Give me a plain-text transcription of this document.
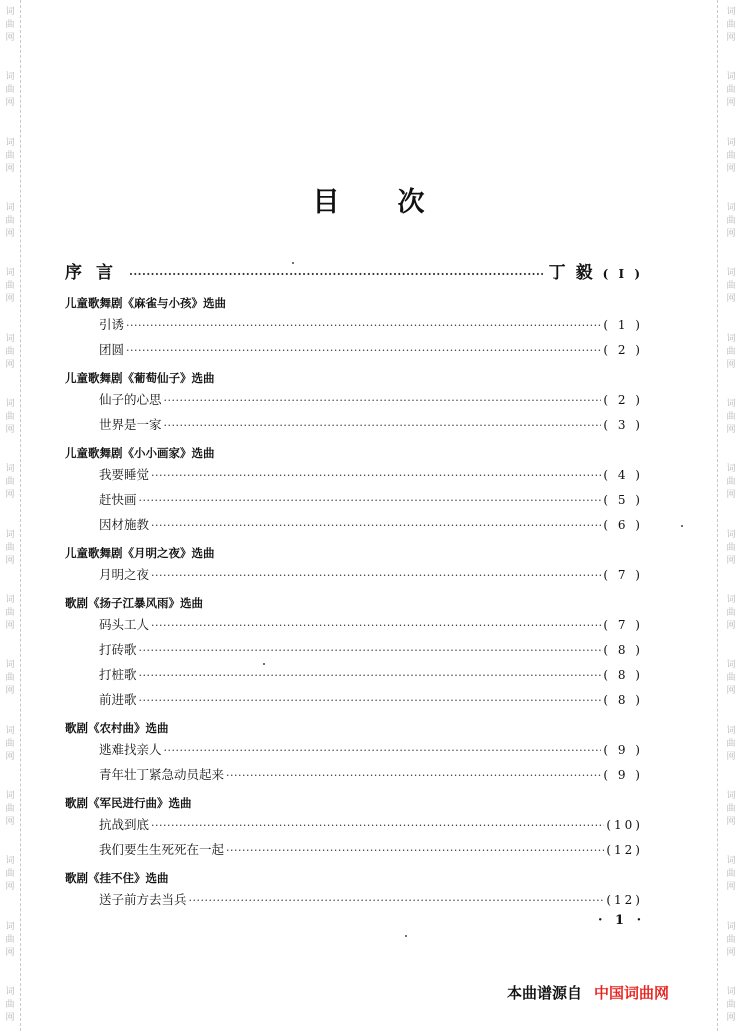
词
曲
网
词
曲
网
词
曲
网
词
曲
网
词
曲
网
词
曲
网
词
曲
网
词
曲
网
词
曲
网
词
曲
网
词
曲
网
词
曲
网
词
曲
网
词
曲
网
词
曲
网
词
曲
网
词
曲
网
词
曲
网
词
曲
网
词
曲
网
词
曲
网
词
曲
网
词
曲
网
词
曲
网
词
曲
网
词
曲
网
词
曲
网
词
曲
网
词
曲
网
词
曲
网
词
曲
网
词
曲
网
目 次
序言 ·····	丁毅 ( I )
儿童歌舞剧《麻雀与小孩》选曲
引诱 ·····	( 1 )
团圆 ·····	( 2 )
儿童歌舞剧《葡萄仙子》选曲
仙子的心思 ·····	( 2 )
世界是一家 ·····	( 3 )
儿童歌舞剧《小小画家》选曲
我要睡觉 ·····	( 4 )
赶快画 ·····	( 5 )
因材施教 ·····	( 6 )
儿童歌舞剧《月明之夜》选曲
月明之夜 ·····	( 7 )
歌剧《扬子江暴风雨》选曲
码头工人 ·····	( 7 )
打砖歌 ·····	( 8 )
打桩歌 ·····	( 8 )
前进歌 ·····	( 8 )
歌剧《农村曲》选曲
逃难找亲人 ·····	( 9 )
青年壮丁紧急动员起来 ·····	( 9 )
歌剧《军民进行曲》选曲
抗战到底 ·····	(10)
我们要生生死死在一起 ·····	(12)
歌剧《挂不住》选曲
送子前方去当兵 ·····	(12)
· 1 ·
本曲谱源自 中国词曲网
